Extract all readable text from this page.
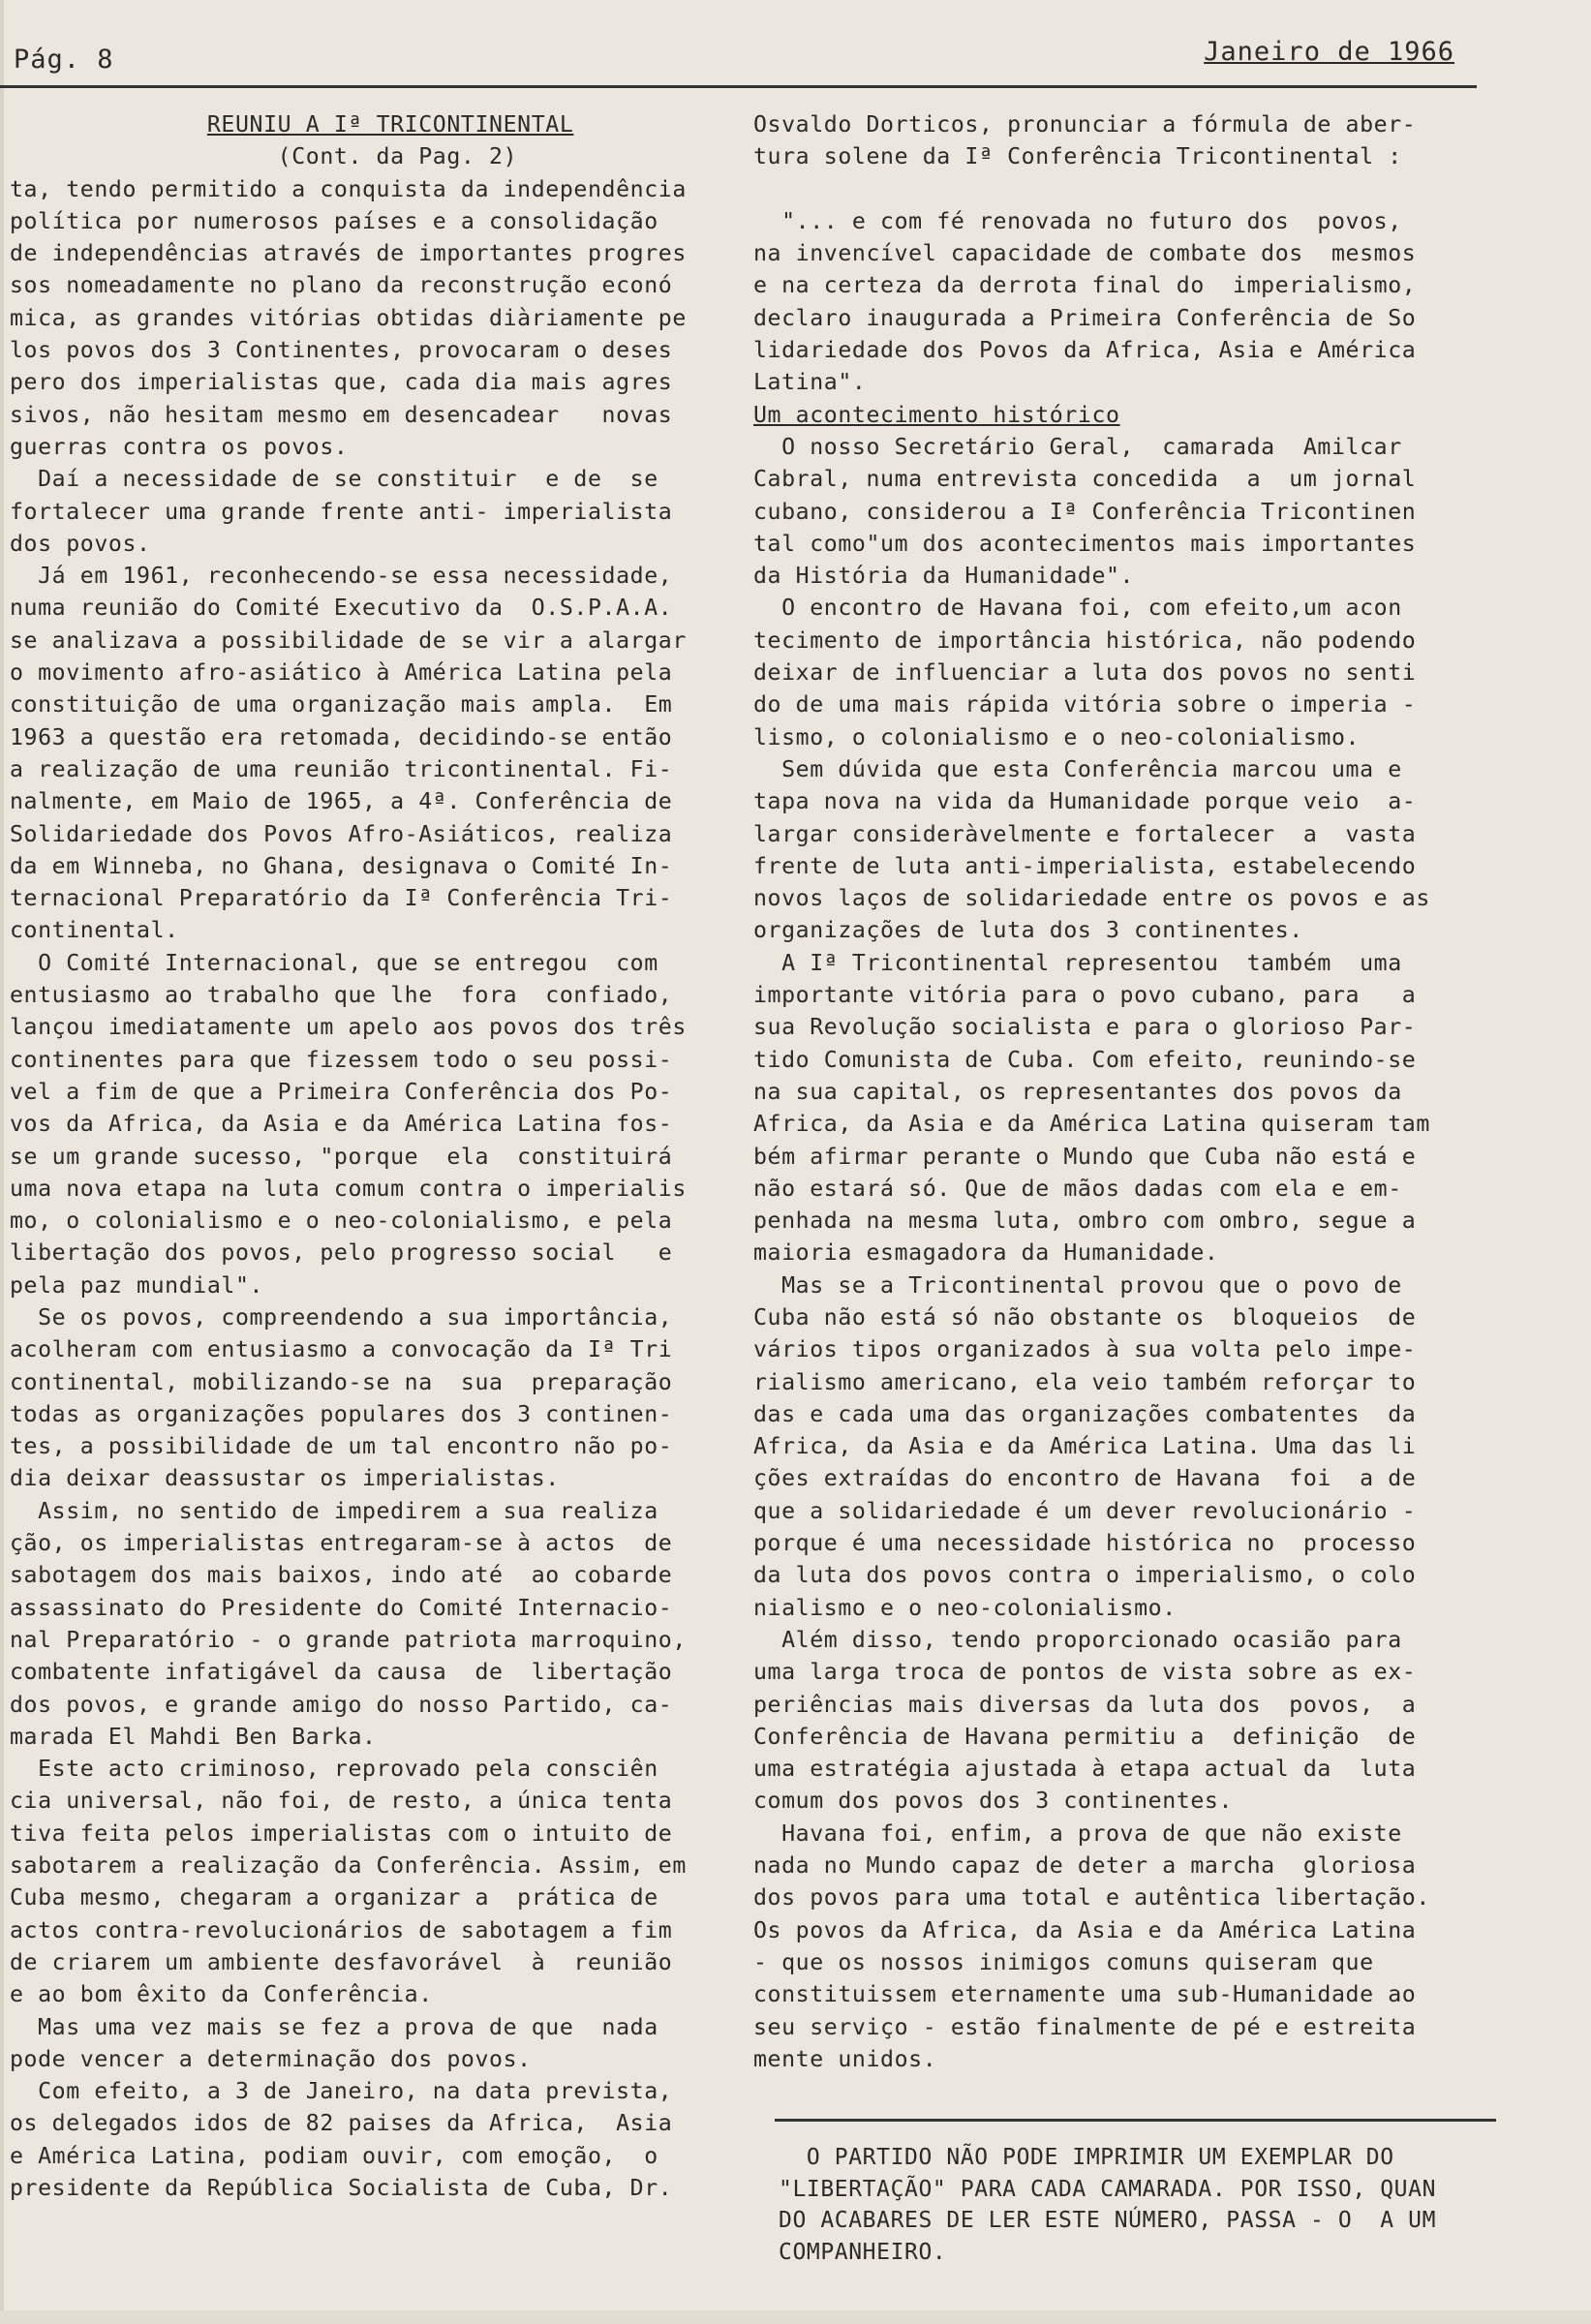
Pág. 8	Janeiro de 1966
REUNIU A Iª TRICONTINENTAL
(Cont. da Pag. 2)
ta, tendo permitido a conquista da independência
política por numerosos países e a consolidação
de independências através de importantes progres
sos nomeadamente no plano da reconstrução econó
mica, as grandes vitórias obtidas diàriamente pe
los povos dos 3 Continentes, provocaram o deses
pero dos imperialistas que, cada dia mais agres
sivos, não hesitam mesmo em desencadear   novas
guerras contra os povos.
Daí a necessidade de se constituir  e de  se
fortalecer uma grande frente anti- imperialista
dos povos.
Já em 1961, reconhecendo-se essa necessidade,
numa reunião do Comité Executivo da  O.S.P.A.A.
se analizava a possibilidade de se vir a alargar
o movimento afro-asiático à América Latina pela
constituição de uma organização mais ampla.  Em
1963 a questão era retomada, decidindo-se então
a realização de uma reunião tricontinental. Fi-
nalmente, em Maio de 1965, a 4ª. Conferência de
Solidariedade dos Povos Afro-Asiáticos, realiza
da em Winneba, no Ghana, designava o Comité In-
ternacional Preparatório da Iª Conferência Tri-
continental.
O Comité Internacional, que se entregou  com
entusiasmo ao trabalho que lhe  fora  confiado,
lançou imediatamente um apelo aos povos dos três
continentes para que fizessem todo o seu possi-
vel a fim de que a Primeira Conferência dos Po-
vos da Africa, da Asia e da América Latina fos-
se um grande sucesso, "porque  ela  constituirá
uma nova etapa na luta comum contra o imperialis
mo, o colonialismo e o neo-colonialismo, e pela
libertação dos povos, pelo progresso social   e
pela paz mundial".
Se os povos, compreendendo a sua importância,
acolheram com entusiasmo a convocação da Iª Tri
continental, mobilizando-se na  sua  preparação
todas as organizações populares dos 3 continen-
tes, a possibilidade de um tal encontro não po-
dia deixar deassustar os imperialistas.
Assim, no sentido de impedirem a sua realiza
ção, os imperialistas entregaram-se à actos  de
sabotagem dos mais baixos, indo até  ao cobarde
assassinato do Presidente do Comité Internacio-
nal Preparatório - o grande patriota marroquino,
combatente infatigável da causa  de  libertação
dos povos, e grande amigo do nosso Partido, ca-
marada El Mahdi Ben Barka.
Este acto criminoso, reprovado pela consciên
cia universal, não foi, de resto, a única tenta
tiva feita pelos imperialistas com o intuito de
sabotarem a realização da Conferência. Assim, em
Cuba mesmo, chegaram a organizar a  prática de
actos contra-revolucionários de sabotagem a fim
de criarem um ambiente desfavorável  à  reunião
e ao bom êxito da Conferência.
Mas uma vez mais se fez a prova de que  nada
pode vencer a determinação dos povos.
Com efeito, a 3 de Janeiro, na data prevista,
os delegados idos de 82 paises da Africa,  Asia
e América Latina, podiam ouvir, com emoção,  o
presidente da República Socialista de Cuba, Dr.
Osvaldo Dorticos, pronunciar a fórmula de aber-
tura solene da Iª Conferência Tricontinental :
"... e com fé renovada no futuro dos  povos,
na invencível capacidade de combate dos  mesmos
e na certeza da derrota final do  imperialismo,
declaro inaugurada a Primeira Conferência de So
lidariedade dos Povos da Africa, Asia e América
Latina".
Um acontecimento histórico
O nosso Secretário Geral,  camarada  Amilcar
Cabral, numa entrevista concedida  a  um jornal
cubano, considerou a Iª Conferência Tricontinen
tal como"um dos acontecimentos mais importantes
da História da Humanidade".
O encontro de Havana foi, com efeito,um acon
tecimento de importância histórica, não podendo
deixar de influenciar a luta dos povos no senti
do de uma mais rápida vitória sobre o imperia -
lismo, o colonialismo e o neo-colonialismo.
Sem dúvida que esta Conferência marcou uma e
tapa nova na vida da Humanidade porque veio  a-
largar consideràvelmente e fortalecer  a  vasta
frente de luta anti-imperialista, estabelecendo
novos laços de solidariedade entre os povos e as
organizações de luta dos 3 continentes.
A Iª Tricontinental representou  também  uma
importante vitória para o povo cubano, para   a
sua Revolução socialista e para o glorioso Par-
tido Comunista de Cuba. Com efeito, reunindo-se
na sua capital, os representantes dos povos da
Africa, da Asia e da América Latina quiseram tam
bém afirmar perante o Mundo que Cuba não está e
não estará só. Que de mãos dadas com ela e em-
penhada na mesma luta, ombro com ombro, segue a
maioria esmagadora da Humanidade.
Mas se a Tricontinental provou que o povo de
Cuba não está só não obstante os  bloqueios  de
vários tipos organizados à sua volta pelo impe-
rialismo americano, ela veio também reforçar to
das e cada uma das organizações combatentes  da
Africa, da Asia e da América Latina. Uma das li
ções extraídas do encontro de Havana  foi  a de
que a solidariedade é um dever revolucionário -
porque é uma necessidade histórica no  processo
da luta dos povos contra o imperialismo, o colo
nialismo e o neo-colonialismo.
Além disso, tendo proporcionado ocasião para
uma larga troca de pontos de vista sobre as ex-
periências mais diversas da luta dos  povos,  a
Conferência de Havana permitiu a  definição  de
uma estratégia ajustada à etapa actual da  luta
comum dos povos dos 3 continentes.
Havana foi, enfim, a prova de que não existe
nada no Mundo capaz de deter a marcha  gloriosa
dos povos para uma total e autêntica libertação.
Os povos da Africa, da Asia e da América Latina
- que os nossos inimigos comuns quiseram que
constituissem eternamente uma sub-Humanidade ao
seu serviço - estão finalmente de pé e estreita
mente unidos.
O PARTIDO NÃO PODE IMPRIMIR UM EXEMPLAR DO
"LIBERTAÇÃO" PARA CADA CAMARADA. POR ISSO, QUAN
DO ACABARES DE LER ESTE NÚMERO, PASSA - O  A UM
COMPANHEIRO.
